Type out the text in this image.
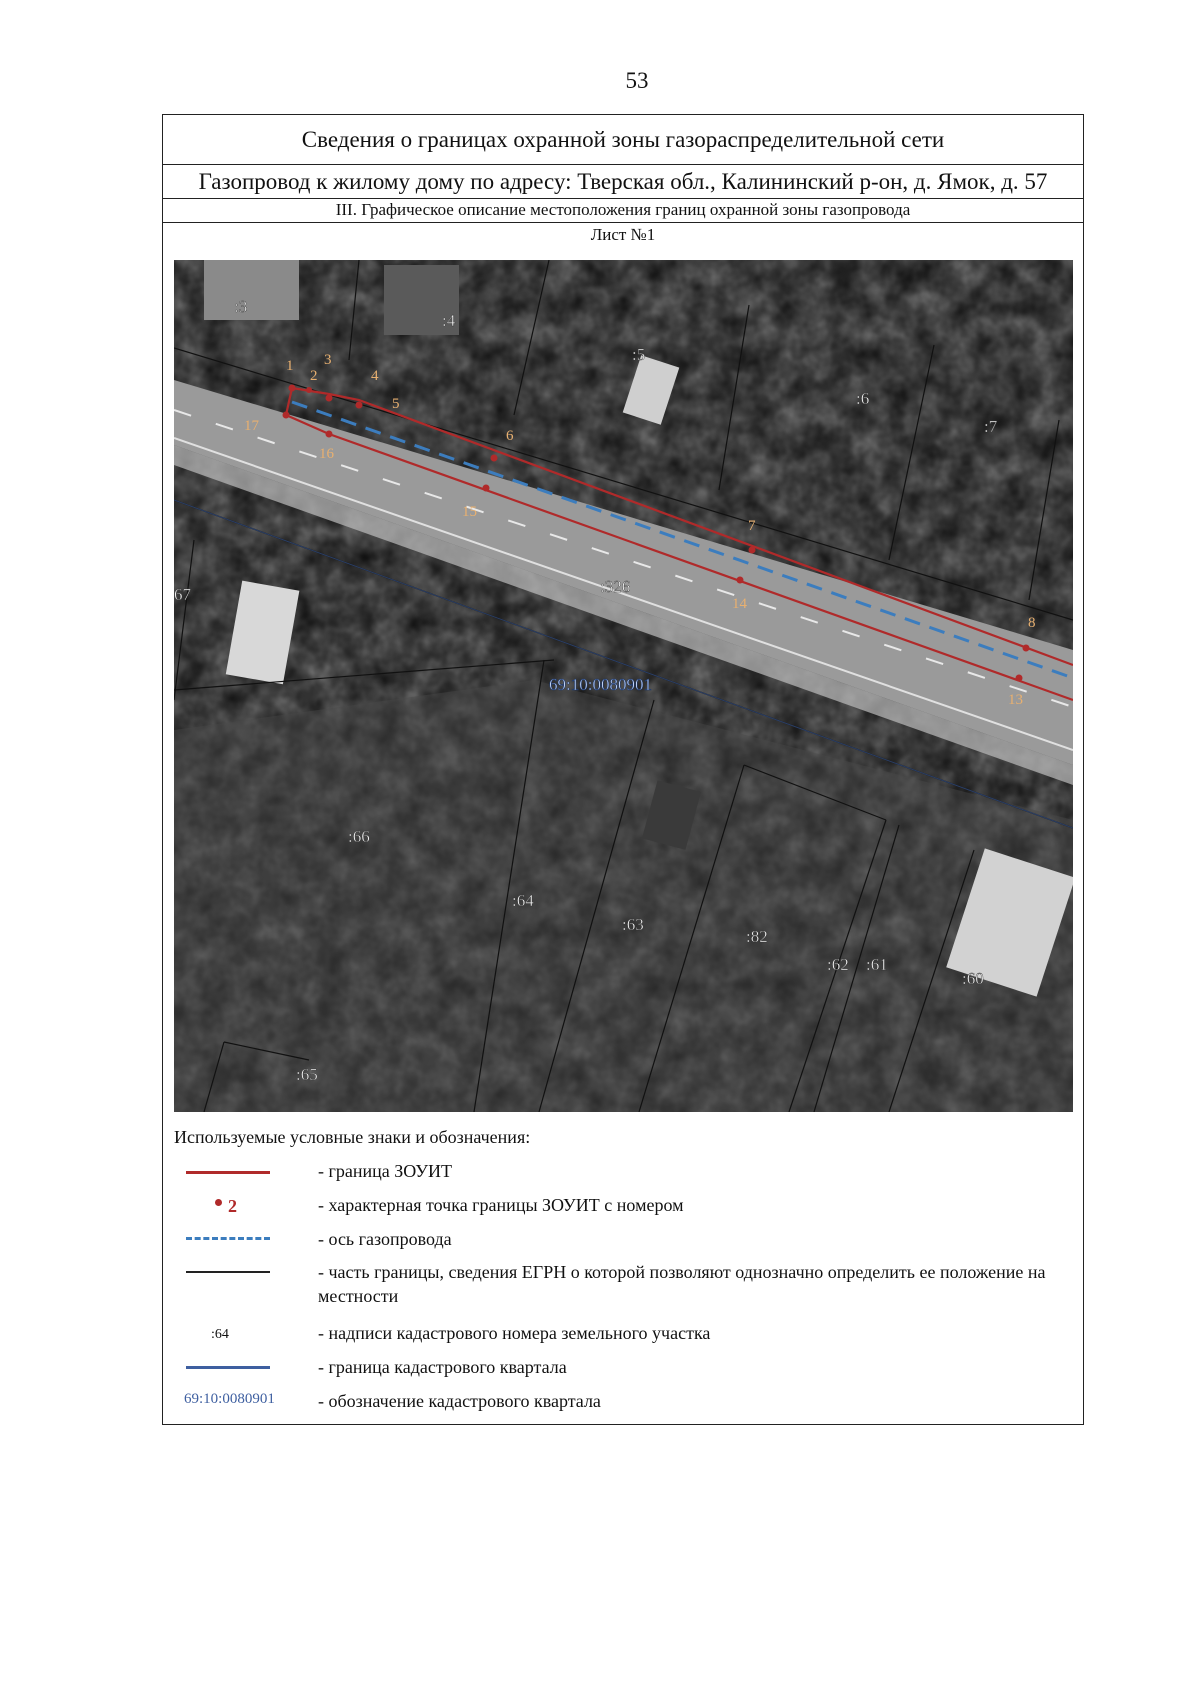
53
Сведения о границах охранной зоны газораспределительной сети
Газопровод к жилому дому по адресу: Тверская обл., Калининский р-он, д. Ямок, д. 57
III. Графическое описание местоположения границ охранной зоны газопровода
Лист №1
1
2
3
4
5
6
7
8
13
14
15
16
17
:3
:4
:5
:6
:7
67	:326
:66
:64
:63
:82
:62 :61
:60
:65
69:10:0080901
Используемые условные знаки и обозначения:
- граница ЗОУИТ
2	- характерная точка границы ЗОУИТ с номером
- ось газопровода
- часть границы, сведения ЕГРН о которой позволяют однозначно определить ее положение на местности
:64	- надписи кадастрового номера земельного участка
- граница кадастрового квартала
69:10:0080901 - обозначение кадастрового квартала
